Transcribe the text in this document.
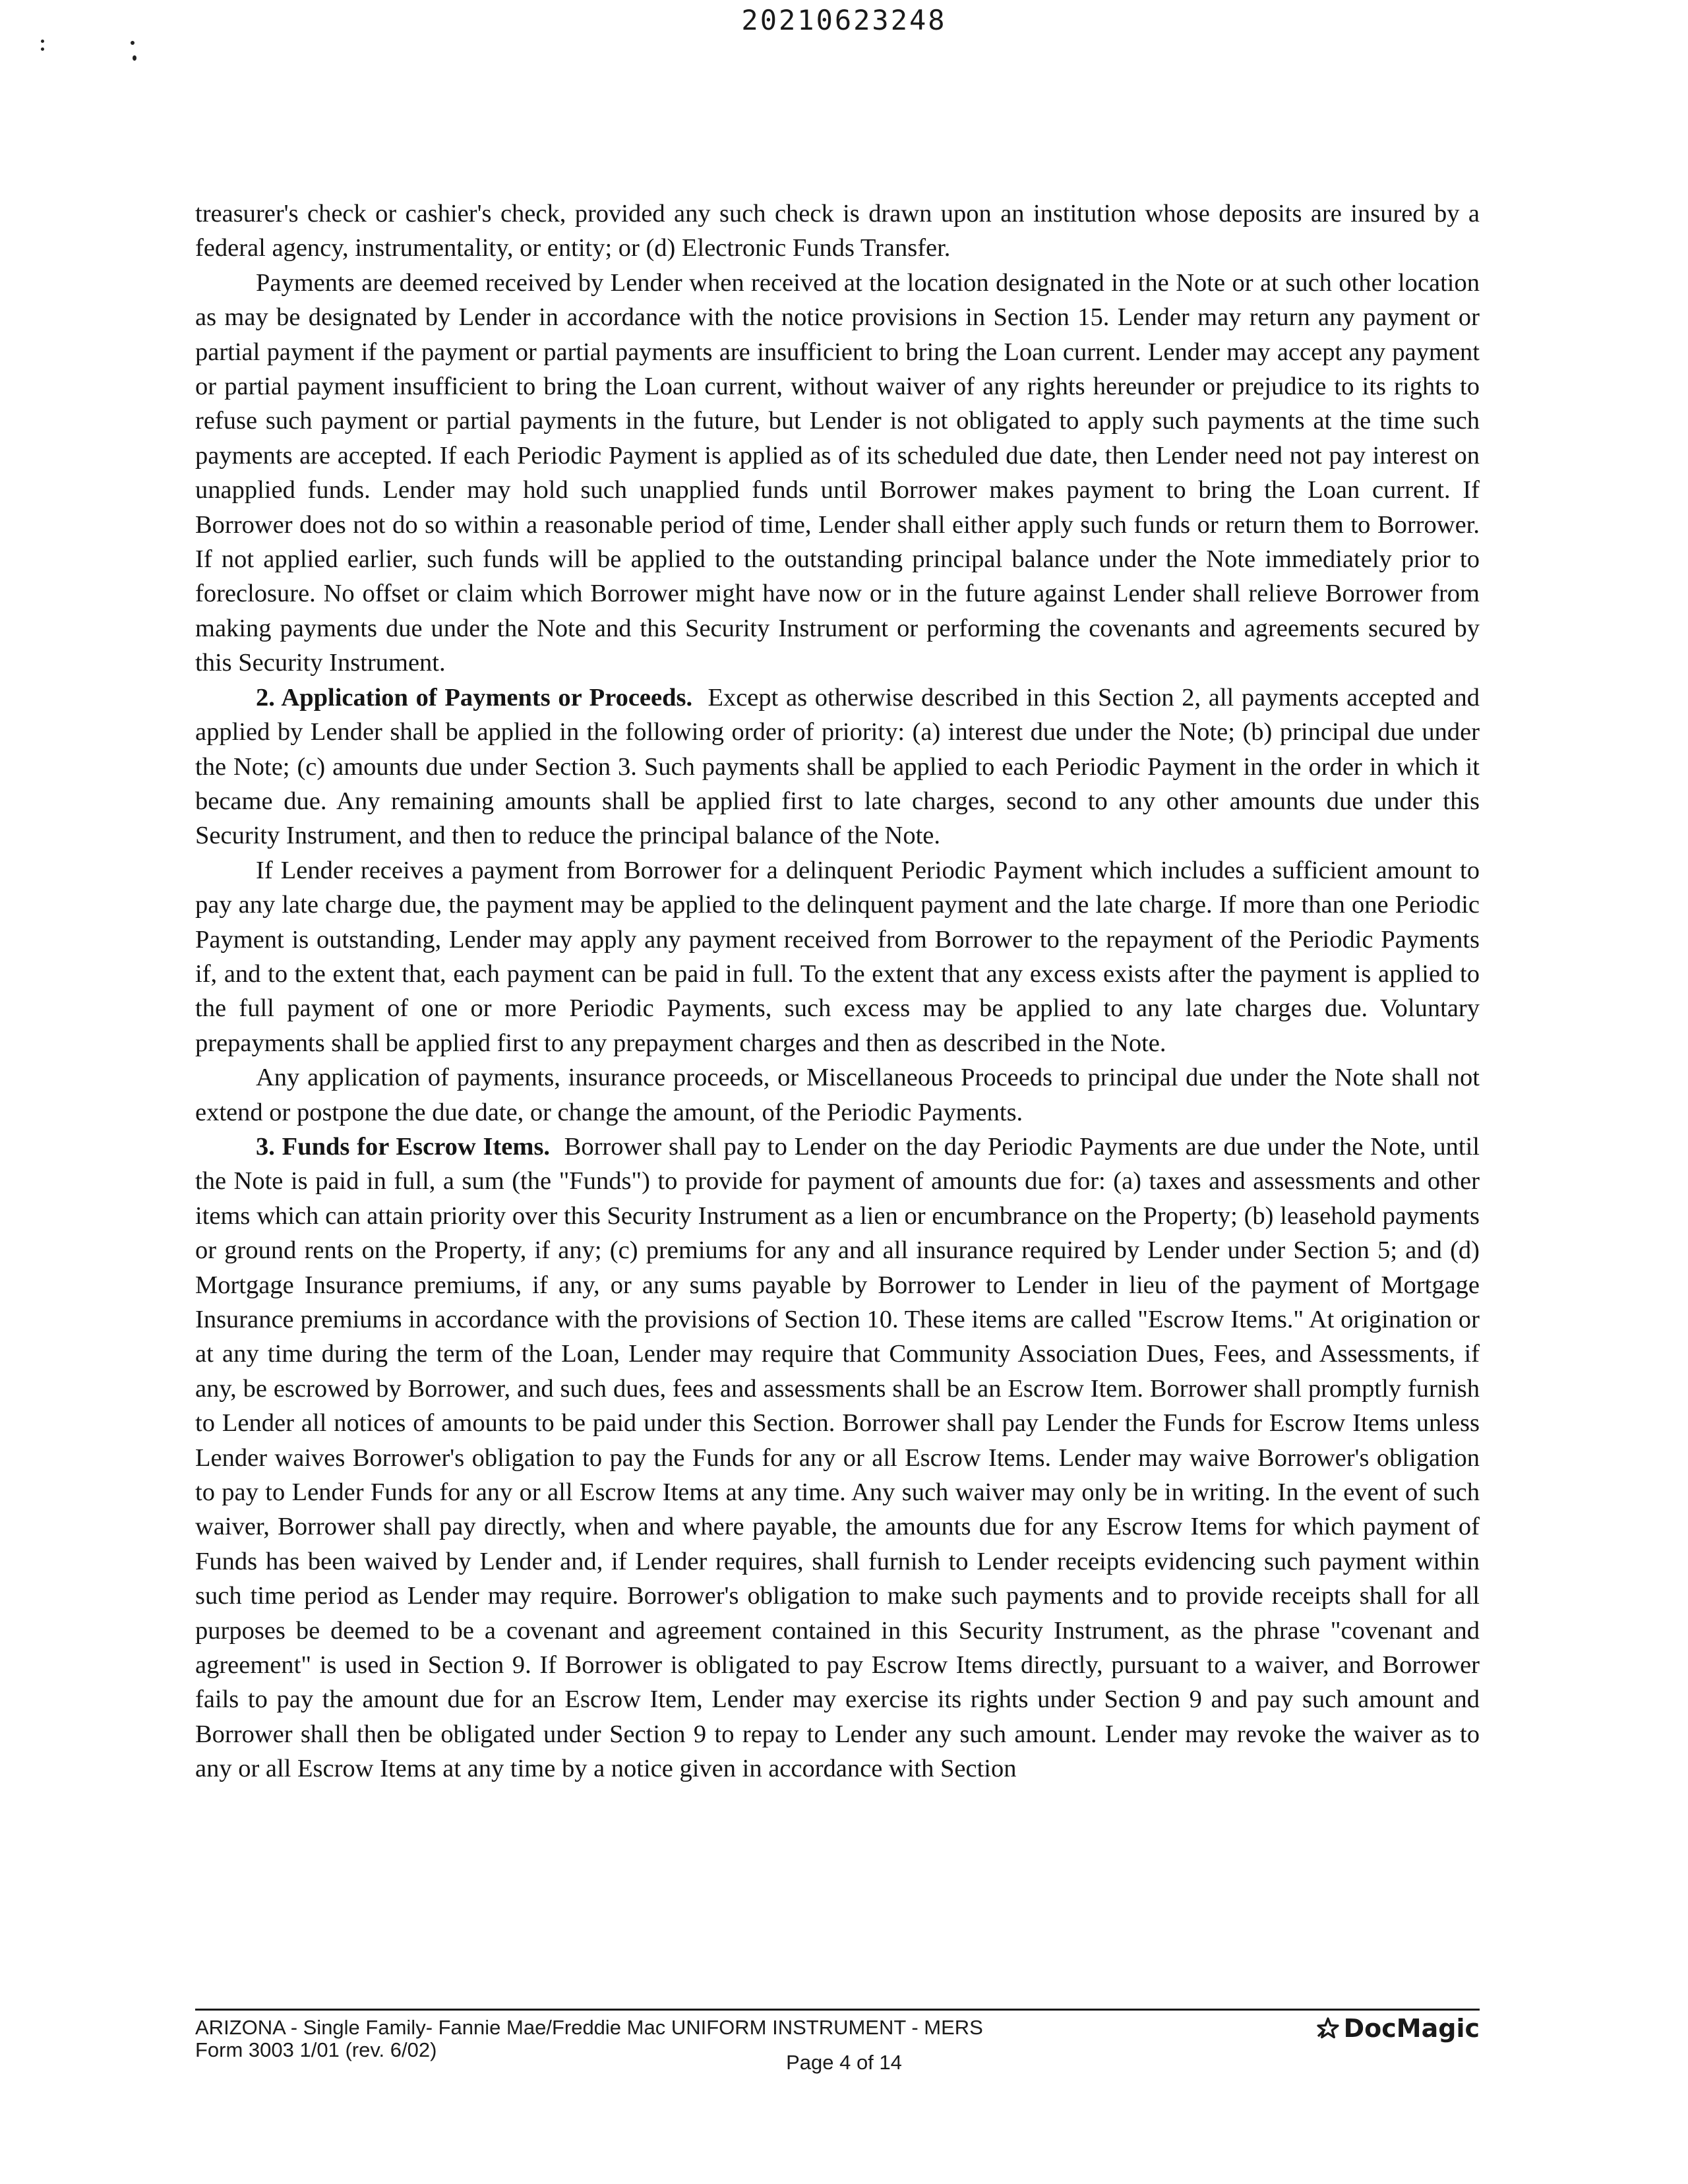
20210623248

treasurer's check or cashier's check, provided any such check is drawn upon an institution whose deposits are insured by a federal agency, instrumentality, or entity; or (d) Electronic Funds Transfer.

Payments are deemed received by Lender when received at the location designated in the Note or at such other location as may be designated by Lender in accordance with the notice provisions in Section 15. Lender may return any payment or partial payment if the payment or partial payments are insufficient to bring the Loan current. Lender may accept any payment or partial payment insufficient to bring the Loan current, without waiver of any rights hereunder or prejudice to its rights to refuse such payment or partial payments in the future, but Lender is not obligated to apply such payments at the time such payments are accepted. If each Periodic Payment is applied as of its scheduled due date, then Lender need not pay interest on unapplied funds. Lender may hold such unapplied funds until Borrower makes payment to bring the Loan current. If Borrower does not do so within a reasonable period of time, Lender shall either apply such funds or return them to Borrower. If not applied earlier, such funds will be applied to the outstanding principal balance under the Note immediately prior to foreclosure. No offset or claim which Borrower might have now or in the future against Lender shall relieve Borrower from making payments due under the Note and this Security Instrument or performing the covenants and agreements secured by this Security Instrument.

2. Application of Payments or Proceeds. Except as otherwise described in this Section 2, all payments accepted and applied by Lender shall be applied in the following order of priority: (a) interest due under the Note; (b) principal due under the Note; (c) amounts due under Section 3. Such payments shall be applied to each Periodic Payment in the order in which it became due. Any remaining amounts shall be applied first to late charges, second to any other amounts due under this Security Instrument, and then to reduce the principal balance of the Note.

If Lender receives a payment from Borrower for a delinquent Periodic Payment which includes a sufficient amount to pay any late charge due, the payment may be applied to the delinquent payment and the late charge. If more than one Periodic Payment is outstanding, Lender may apply any payment received from Borrower to the repayment of the Periodic Payments if, and to the extent that, each payment can be paid in full. To the extent that any excess exists after the payment is applied to the full payment of one or more Periodic Payments, such excess may be applied to any late charges due. Voluntary prepayments shall be applied first to any prepayment charges and then as described in the Note.

Any application of payments, insurance proceeds, or Miscellaneous Proceeds to principal due under the Note shall not extend or postpone the due date, or change the amount, of the Periodic Payments.

3. Funds for Escrow Items. Borrower shall pay to Lender on the day Periodic Payments are due under the Note, until the Note is paid in full, a sum (the "Funds") to provide for payment of amounts due for: (a) taxes and assessments and other items which can attain priority over this Security Instrument as a lien or encumbrance on the Property; (b) leasehold payments or ground rents on the Property, if any; (c) premiums for any and all insurance required by Lender under Section 5; and (d) Mortgage Insurance premiums, if any, or any sums payable by Borrower to Lender in lieu of the payment of Mortgage Insurance premiums in accordance with the provisions of Section 10. These items are called "Escrow Items." At origination or at any time during the term of the Loan, Lender may require that Community Association Dues, Fees, and Assessments, if any, be escrowed by Borrower, and such dues, fees and assessments shall be an Escrow Item. Borrower shall promptly furnish to Lender all notices of amounts to be paid under this Section. Borrower shall pay Lender the Funds for Escrow Items unless Lender waives Borrower's obligation to pay the Funds for any or all Escrow Items. Lender may waive Borrower's obligation to pay to Lender Funds for any or all Escrow Items at any time. Any such waiver may only be in writing. In the event of such waiver, Borrower shall pay directly, when and where payable, the amounts due for any Escrow Items for which payment of Funds has been waived by Lender and, if Lender requires, shall furnish to Lender receipts evidencing such payment within such time period as Lender may require. Borrower's obligation to make such payments and to provide receipts shall for all purposes be deemed to be a covenant and agreement contained in this Security Instrument, as the phrase "covenant and agreement" is used in Section 9. If Borrower is obligated to pay Escrow Items directly, pursuant to a waiver, and Borrower fails to pay the amount due for an Escrow Item, Lender may exercise its rights under Section 9 and pay such amount and Borrower shall then be obligated under Section 9 to repay to Lender any such amount. Lender may revoke the waiver as to any or all Escrow Items at any time by a notice given in accordance with Section

ARIZONA - Single Family- Fannie Mae/Freddie Mac UNIFORM INSTRUMENT - MERS
Form 3003 1/01 (rev. 6/02)
Page 4 of 14
DocMagic
